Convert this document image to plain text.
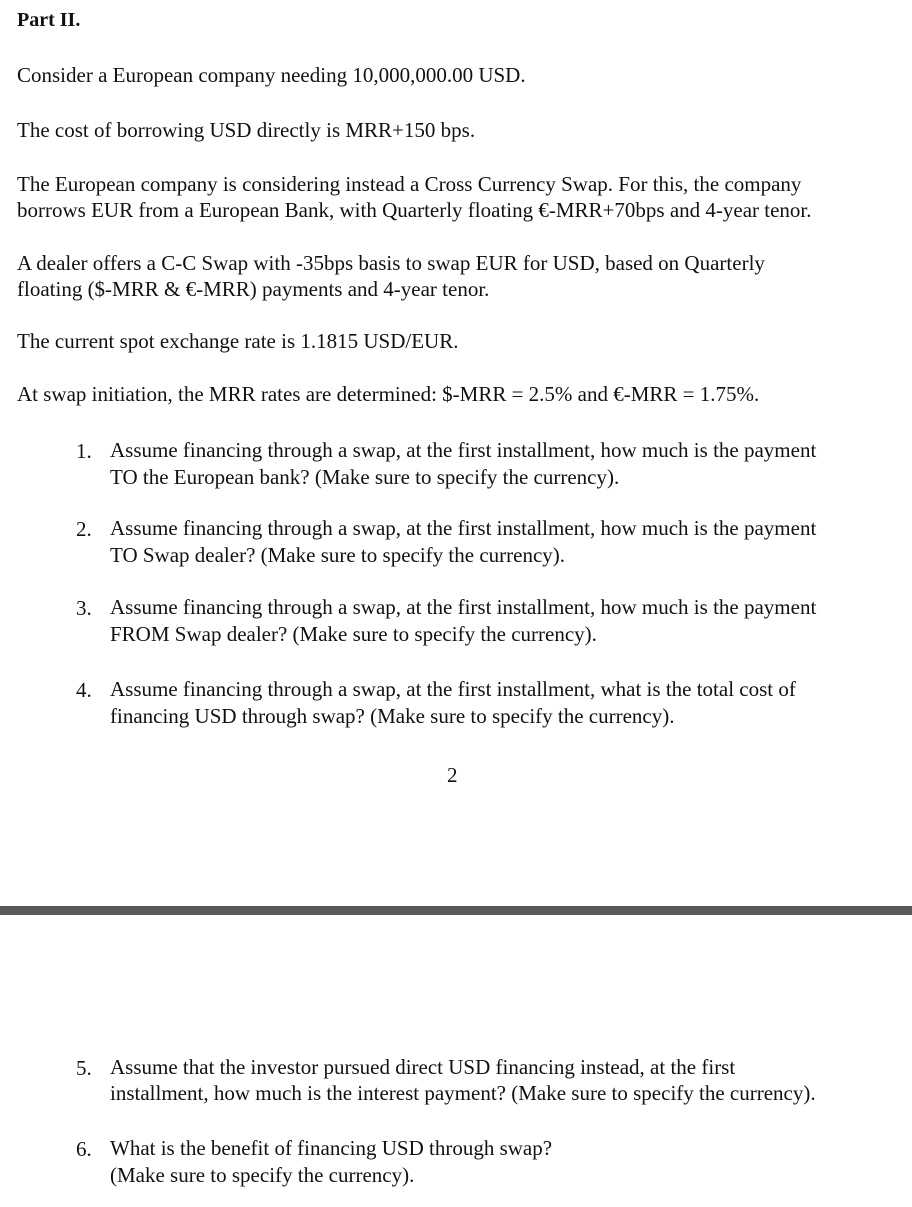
Part II.
Consider a European company needing 10,000,000.00 USD.
The cost of borrowing USD directly is MRR+150 bps.
The European company is considering instead a Cross Currency Swap. For this, the company
borrows EUR from a European Bank, with Quarterly floating €-MRR+70bps and 4-year tenor.
A dealer offers a C-C Swap with -35bps basis to swap EUR for USD, based on Quarterly
floating ($-MRR & €-MRR) payments and 4-year tenor.
The current spot exchange rate is 1.1815 USD/EUR.
At swap initiation, the MRR rates are determined: $-MRR = 2.5% and €-MRR = 1.75%.
1. Assume financing through a swap, at the first installment, how much is the payment
TO the European bank? (Make sure to specify the currency).
2. Assume financing through a swap, at the first installment, how much is the payment
TO Swap dealer? (Make sure to specify the currency).
3. Assume financing through a swap, at the first installment, how much is the payment
FROM Swap dealer? (Make sure to specify the currency).
4. Assume financing through a swap, at the first installment, what is the total cost of
financing USD through swap? (Make sure to specify the currency).
2
5. Assume that the investor pursued direct USD financing instead, at the first
installment, how much is the interest payment? (Make sure to specify the currency).
6. What is the benefit of financing USD through swap?
(Make sure to specify the currency).
